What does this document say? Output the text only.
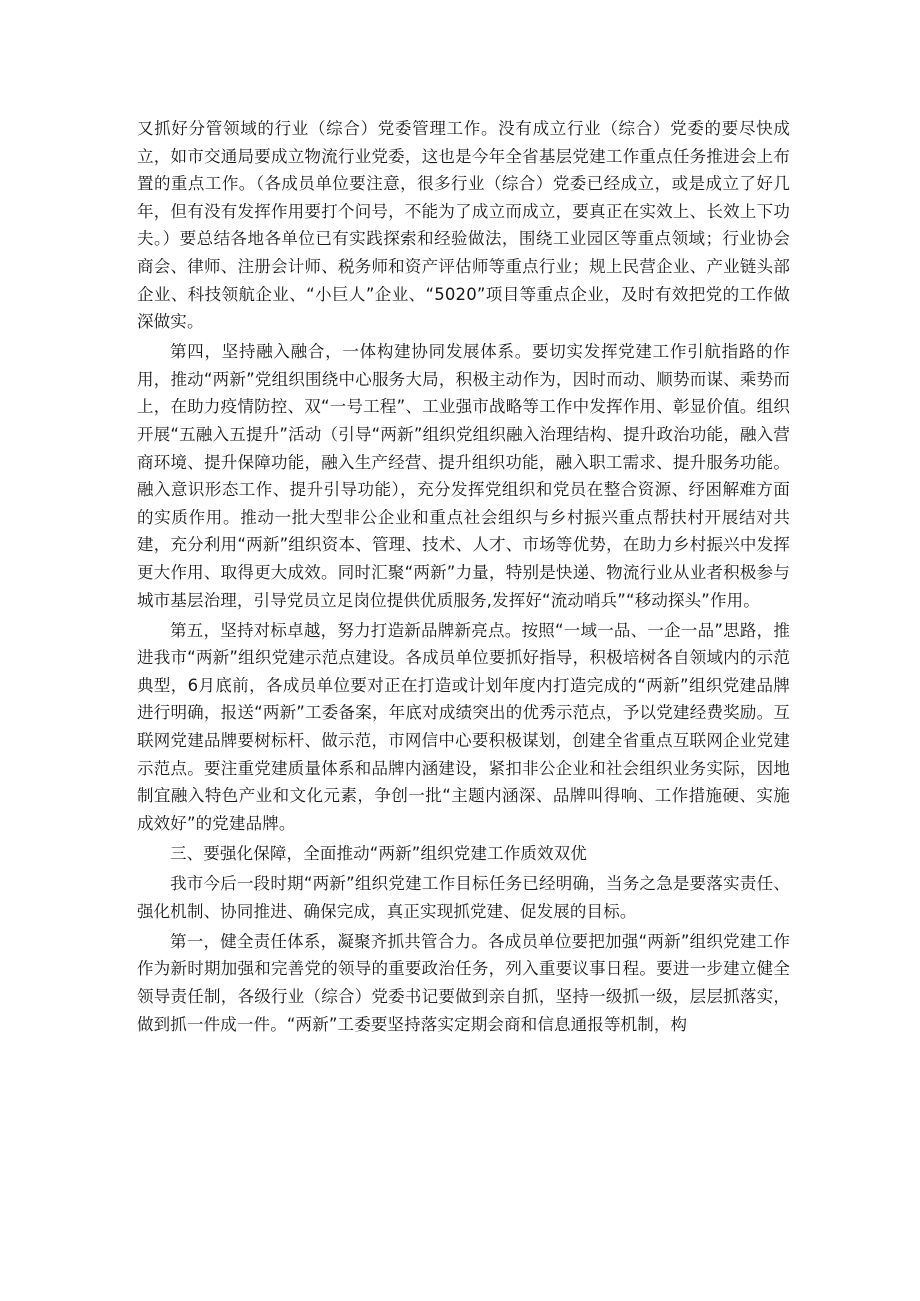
又抓好分管领域的行业（综合）党委管理工作。没有成立行业（综合）党委的要尽快成立，如市交通局要成立物流行业党委，这也是今年全省基层党建工作重点任务推进会上布置的重点工作。（各成员单位要注意，很多行业（综合）党委已经成立，或是成立了好几年，但有没有发挥作用要打个问号，不能为了成立而成立，要真正在实效上、长效上下功夫。）要总结各地各单位已有实践探索和经验做法，围绕工业园区等重点领域；行业协会商会、律师、注册会计师、税务师和资产评估师等重点行业；规上民营企业、产业链头部企业、科技领航企业、“小巨人”企业、“5020”项目等重点企业，及时有效把党的工作做深做实。

第四，坚持融入融合，一体构建协同发展体系。要切实发挥党建工作引航指路的作用，推动“两新”党组织围绕中心服务大局，积极主动作为，因时而动、顺势而谋、乘势而上，在助力疫情防控、双“一号工程”、工业强市战略等工作中发挥作用、彰显价值。组织开展“五融入五提升”活动（引导“两新”组织党组织融入治理结构、提升政治功能，融入营商环境、提升保障功能，融入生产经营、提升组织功能，融入职工需求、提升服务功能。融入意识形态工作、提升引导功能），充分发挥党组织和党员在整合资源、纾困解难方面的实质作用。推动一批大型非公企业和重点社会组织与乡村振兴重点帮扶村开展结对共建，充分利用“两新”组织资本、管理、技术、人才、市场等优势，在助力乡村振兴中发挥更大作用、取得更大成效。同时汇聚“两新”力量，特别是快递、物流行业从业者积极参与城市基层治理，引导党员立足岗位提供优质服务,发挥好“流动哨兵”“移动探头”作用。

第五，坚持对标卓越，努力打造新品牌新亮点。按照“一域一品、一企一品”思路，推进我市“两新”组织党建示范点建设。各成员单位要抓好指导，积极培树各自领域内的示范典型，6月底前，各成员单位要对正在打造或计划年度内打造完成的“两新”组织党建品牌进行明确，报送“两新”工委备案，年底对成绩突出的优秀示范点，予以党建经费奖励。互联网党建品牌要树标杆、做示范，市网信中心要积极谋划，创建全省重点互联网企业党建示范点。要注重党建质量体系和品牌内涵建设，紧扣非公企业和社会组织业务实际，因地制宜融入特色产业和文化元素，争创一批“主题内涵深、品牌叫得响、工作措施硬、实施成效好”的党建品牌。

三、要强化保障，全面推动“两新”组织党建工作质效双优

我市今后一段时期“两新”组织党建工作目标任务已经明确，当务之急是要落实责任、强化机制、协同推进、确保完成，真正实现抓党建、促发展的目标。

第一，健全责任体系，凝聚齐抓共管合力。各成员单位要把加强“两新”组织党建工作作为新时期加强和完善党的领导的重要政治任务，列入重要议事日程。要进一步建立健全领导责任制，各级行业（综合）党委书记要做到亲自抓，坚持一级抓一级，层层抓落实，做到抓一件成一件。“两新”工委要坚持落实定期会商和信息通报等机制，构
